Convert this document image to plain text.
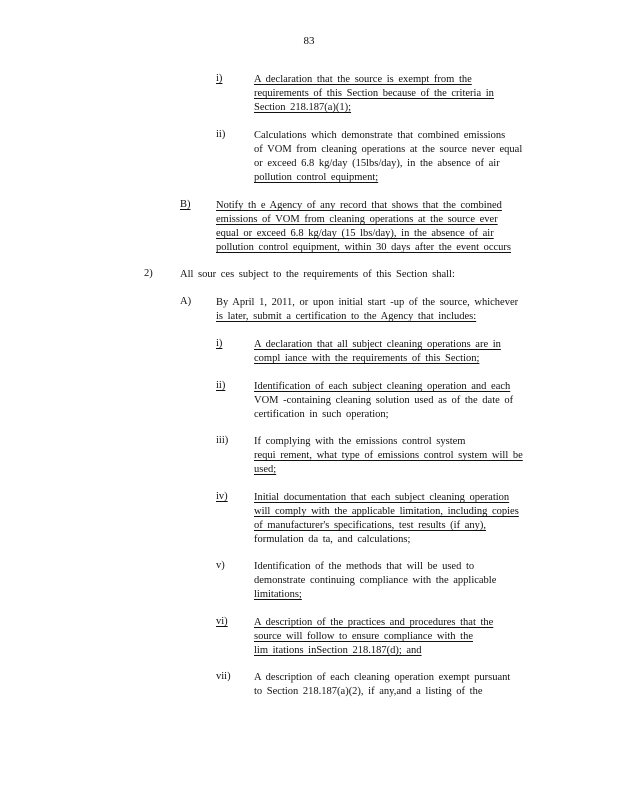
83
i)	A declaration that the source is exempt from the
requirements of this Section because of the criteria in
Section 218.187(a)(1);
ii)	Calculations which demonstrate that combined emissions
of VOM from cleaning operations at the source never equal
or exceed 6.8 kg/day (15lbs/day), in the absence of air
pollution control equipment;
B) Notify th e Agency of any record that shows that the combined
emissions of VOM from cleaning operations at the source ever
equal or exceed 6.8 kg/day (15 lbs/day), in the absence of air
pollution control equipment, within 30 days after the event occurs
2)	All sour ces subject to the requirements of this Section shall:
A) By April 1, 2011, or upon initial start -up of the source, whichever
is later, submit a certification to the Agency that includes:
i)	A declaration that all subject cleaning operations are in
compl iance with the requirements of this Section;
ii)	Identification of each subject cleaning operation and each
VOM -containing cleaning solution used as of the date of
certification in such operation;
iii) If complying with the emissions control system
requi rement, what type of emissions control system will be
used;
iv)	Initial documentation that each subject cleaning operation
will comply with the applicable limitation, including copies
of manufacturer's specifications, test results (if any),
formulation da ta, and calculations;
v)	Identification of the methods that will be used to
demonstrate continuing compliance with the applicable
limitations;
vi)	A description of the practices and procedures that the
source will follow to ensure compliance with the
lim itations inSection 218.187(d); and
vii) A description of each cleaning operation exempt pursuant
to Section 218.187(a)(2), if any,and a listing of the
